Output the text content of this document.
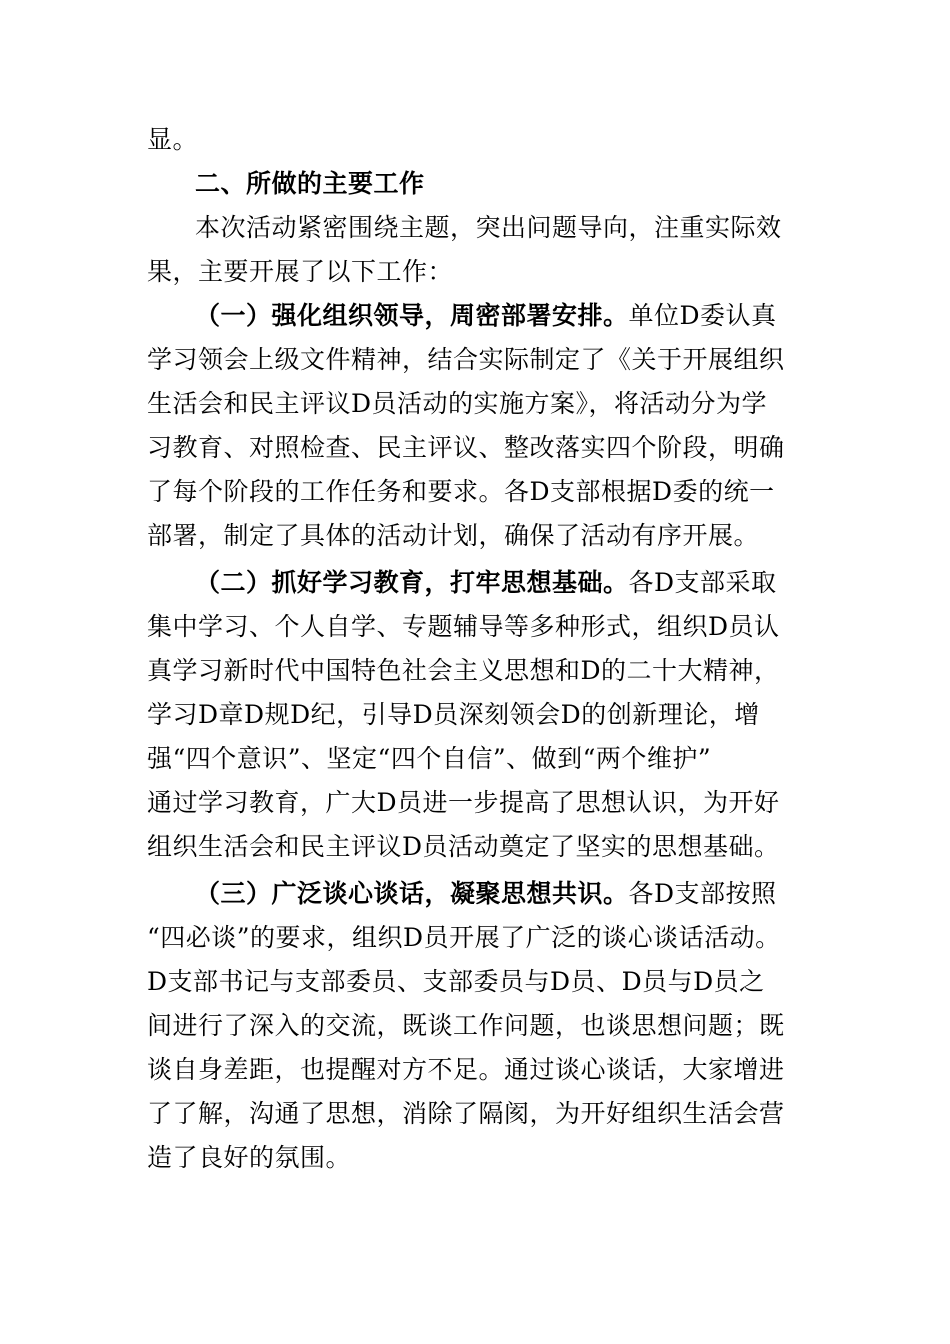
显。
二、所做的主要工作
本次活动紧密围绕主题，突出问题导向，注重实际效
果，主要开展了以下工作：
（一）强化组织领导，周密部署安排。单位D委认真
学习领会上级文件精神，结合实际制定了《关于开展组织
生活会和民主评议D员活动的实施方案》，将活动分为学
习教育、对照检查、民主评议、整改落实四个阶段，明确
了每个阶段的工作任务和要求。各D支部根据D委的统一
部署，制定了具体的活动计划，确保了活动有序开展。
（二）抓好学习教育，打牢思想基础。各D支部采取
集中学习、个人自学、专题辅导等多种形式，组织D员认
真学习新时代中国特色社会主义思想和D的二十大精神，
学习D章D规D纪，引导D员深刻领会D的创新理论，增
强“四个意识”、坚定“四个自信”、做到“两个维护”
通过学习教育，广大D员进一步提高了思想认识，为开好
组织生活会和民主评议D员活动奠定了坚实的思想基础。
（三）广泛谈心谈话，凝聚思想共识。各D支部按照
“四必谈”的要求，组织D员开展了广泛的谈心谈话活动。
D支部书记与支部委员、支部委员与D员、D员与D员之
间进行了深入的交流，既谈工作问题，也谈思想问题；既
谈自身差距，也提醒对方不足。通过谈心谈话，大家增进
了了解，沟通了思想，消除了隔阂，为开好组织生活会营
造了良好的氛围。
